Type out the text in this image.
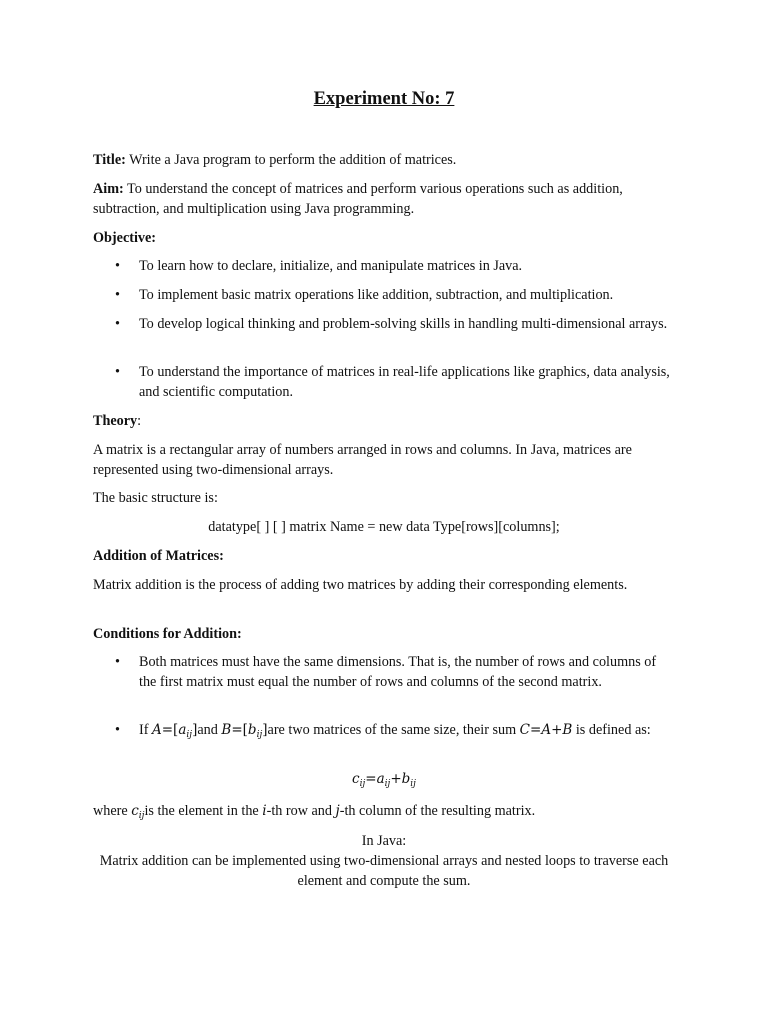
Experiment No: 7

Title: Write a Java program to perform the addition of matrices.

Aim: To understand the concept of matrices and perform various operations such as addition, subtraction, and multiplication using Java programming.

Objective:

• To learn how to declare, initialize, and manipulate matrices in Java.
• To implement basic matrix operations like addition, subtraction, and multiplication.
• To develop logical thinking and problem-solving skills in handling multi-dimensional arrays.
• To understand the importance of matrices in real-life applications like graphics, data analysis, and scientific computation.

Theory:

A matrix is a rectangular array of numbers arranged in rows and columns. In Java, matrices are represented using two-dimensional arrays.

The basic structure is:

datatype[ ] [ ] matrix Name = new data Type[rows][columns];

Addition of Matrices:

Matrix addition is the process of adding two matrices by adding their corresponding elements.

Conditions for Addition:

• Both matrices must have the same dimensions. That is, the number of rows and columns of the first matrix must equal the number of rows and columns of the second matrix.
• If $A=[a_{ij}]and$ $B=[b_{ij}]are$ two matrices of the same size, their sum C=A+B is defined as:

$c_{ij}=a_{ij}+b_{ij}$

where $c_{ij}is$ the element in the i-th row and j-th column of the resulting matrix.

In Java:

Matrix addition can be implemented using two-dimensional arrays and nested loops to traverse each element and compute the sum.
